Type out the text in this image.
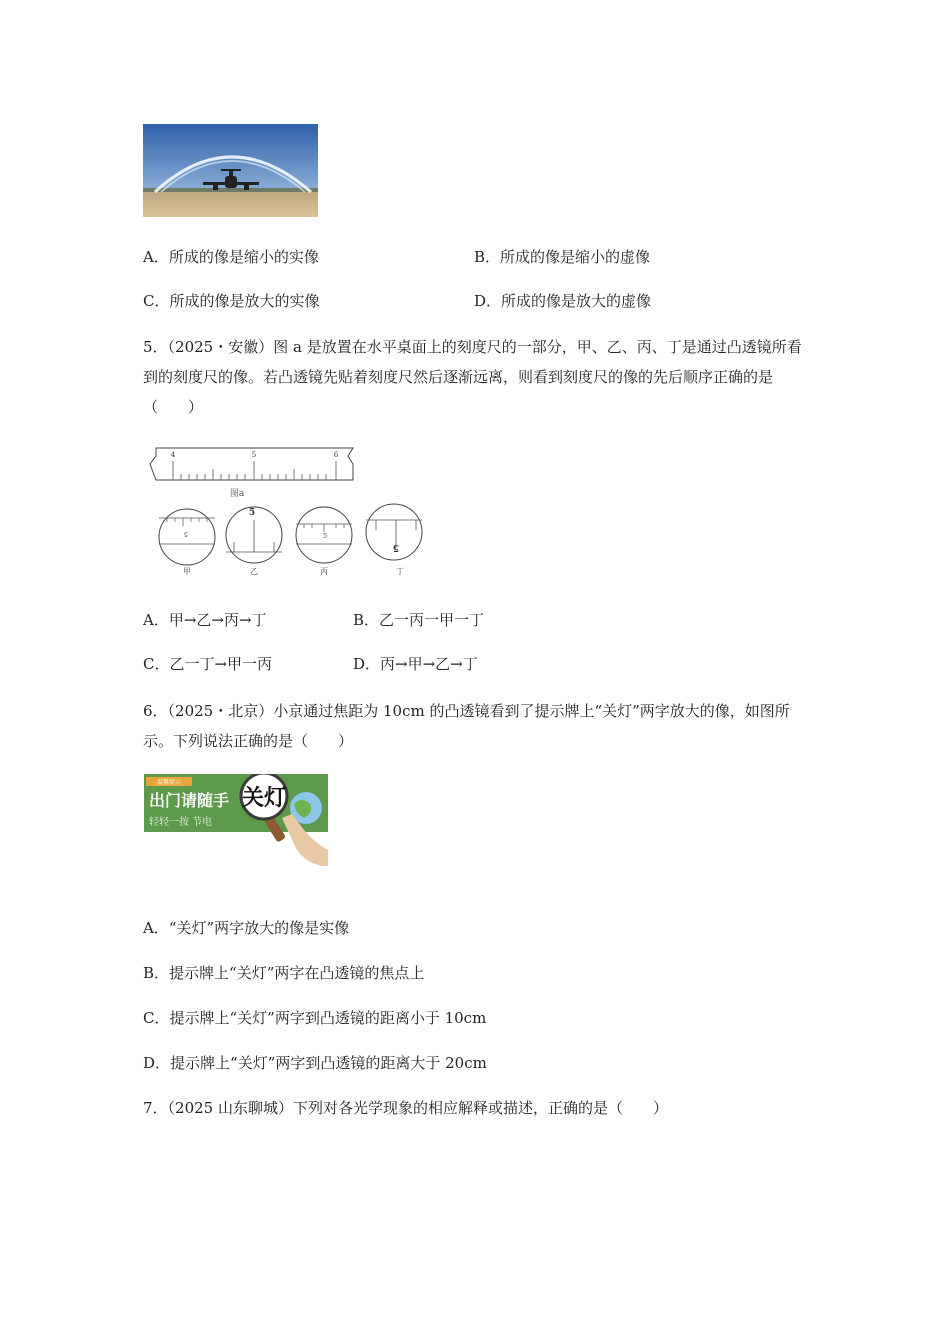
A．所成的像是缩小的实像	B．所成的像是缩小的虚像
C．所成的像是放大的实像	D．所成的像是放大的虚像
5．（2025・安徽）图 a 是放置在水平桌面上的刻度尺的一部分，甲、乙、丙、丁是通过凸透镜所看到的刻度尺的像。若凸透镜先贴着刻度尺然后逐渐远离，则看到刻度尺的像的先后顺序正确的是（　　）
4	5	6
图a
5
甲
5
乙
5
丙
5
丁
A．甲→乙→丙→丁	B．乙一丙一甲一丁
C．乙一丁→甲一丙	D．丙→甲→乙→丁
6．（2025・北京）小京通过焦距为 10cm 的凸透镜看到了提示牌上“关灯”两字放大的像，如图所示。下列说法正确的是（　　）
温馨提示
出门请随手
轻轻一按 节电
关灯
A．“关灯”两字放大的像是实像
B．提示牌上“关灯”两字在凸透镜的焦点上
C．提示牌上“关灯”两字到凸透镜的距离小于 10cm
D．提示牌上“关灯”两字到凸透镜的距离大于 20cm
7．（2025 山东聊城）下列对各光学现象的相应解释或描述，正确的是（　　）
